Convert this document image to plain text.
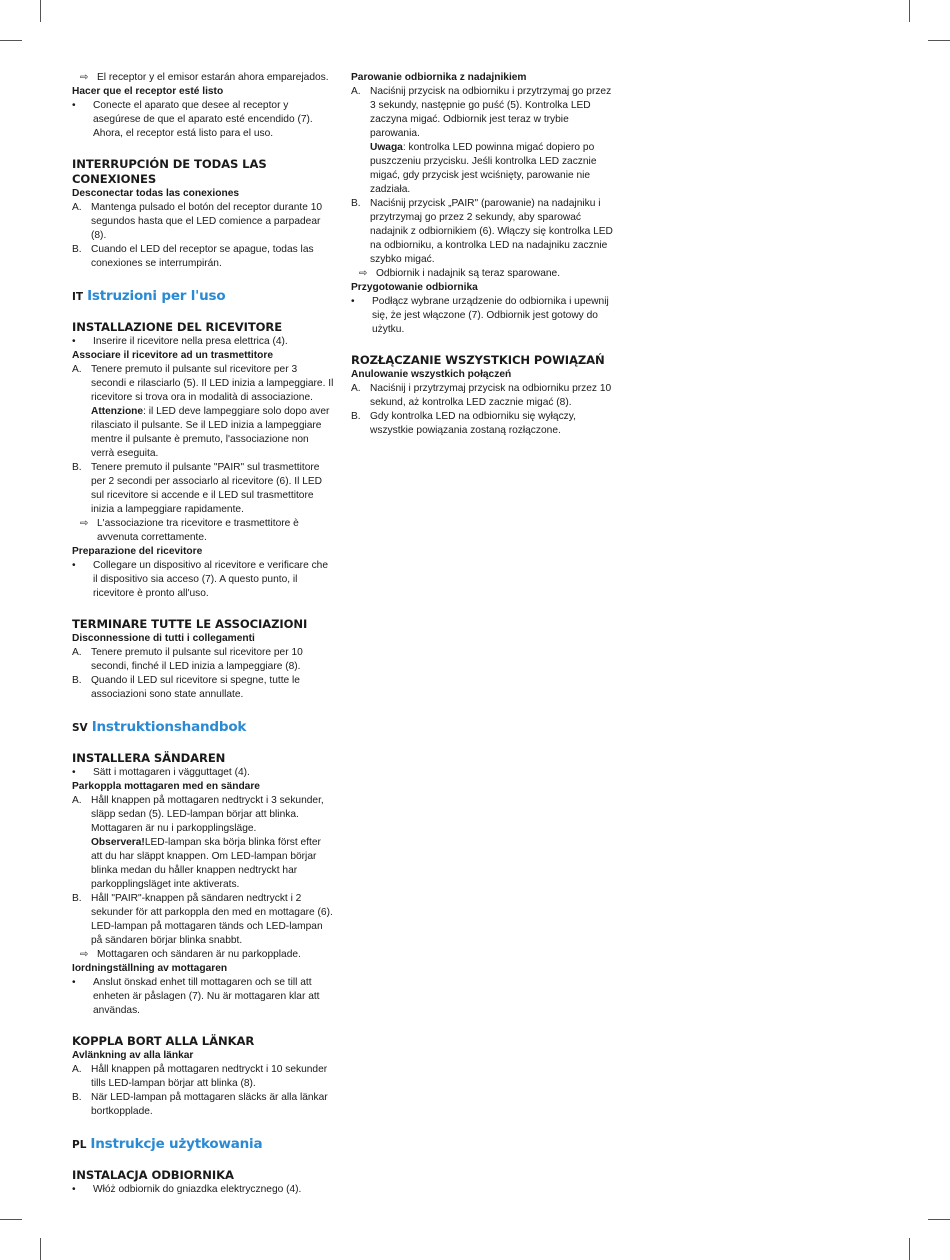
⇨ El receptor y el emisor estarán ahora emparejados.
Hacer que el receptor esté listo
•	Conecte el aparato que desee al receptor y asegúrese de que el aparato esté encendido (7). Ahora, el receptor está listo para el uso.
INTERRUPCIÓN DE TODAS LAS CONEXIONES
Desconectar todas las conexiones
A. Mantenga pulsado el botón del receptor durante 10 segundos hasta que el LED comience a parpadear (8).
B. Cuando el LED del receptor se apague, todas las conexiones se interrumpirán.
IT Istruzioni per l'uso
INSTALLAZIONE DEL RICEVITORE
•	Inserire il ricevitore nella presa elettrica (4).
Associare il ricevitore ad un trasmettitore
A. Tenere premuto il pulsante sul ricevitore per 3 secondi e rilasciarlo (5). Il LED inizia a lampeggiare. Il ricevitore si trova ora in modalità di associazione.
Attenzione: il LED deve lampeggiare solo dopo aver rilasciato il pulsante. Se il LED inizia a lampeggiare mentre il pulsante è premuto, l'associazione non verrà eseguita.
B. Tenere premuto il pulsante "PAIR" sul trasmettitore per 2 secondi per associarlo al ricevitore (6). Il LED sul ricevitore si accende e il LED sul trasmettitore inizia a lampeggiare rapidamente.
⇨ L'associazione tra ricevitore e trasmettitore è avvenuta correttamente.
Preparazione del ricevitore
•	Collegare un dispositivo al ricevitore e verificare che il dispositivo sia acceso (7). A questo punto, il ricevitore è pronto all'uso.
TERMINARE TUTTE LE ASSOCIAZIONI
Disconnessione di tutti i collegamenti
A. Tenere premuto il pulsante sul ricevitore per 10 secondi, finché il LED inizia a lampeggiare (8).
B. Quando il LED sul ricevitore si spegne, tutte le associazioni sono state annullate.
SV Instruktionshandbok
INSTALLERA SÄNDAREN
•	Sätt i mottagaren i vägguttaget (4).
Parkoppla mottagaren med en sändare
A. Håll knappen på mottagaren nedtryckt i 3 sekunder, släpp sedan (5). LED-lampan börjar att blinka. Mottagaren är nu i parkopplingsläge.
Observera!LED-lampan ska börja blinka först efter att du har släppt knappen. Om LED-lampan börjar blinka medan du håller knappen nedtryckt har parkopplingsläget inte aktiverats.
B. Håll "PAIR"-knappen på sändaren nedtryckt i 2 sekunder för att parkoppla den med en mottagare (6). LED-lampan på mottagaren tänds och LED-lampan på sändaren börjar blinka snabbt.
⇨ Mottagaren och sändaren är nu parkopplade.
Iordningställning av mottagaren
•	Anslut önskad enhet till mottagaren och se till att enheten är påslagen (7). Nu är mottagaren klar att användas.
KOPPLA BORT ALLA LÄNKAR
Avlänkning av alla länkar
A. Håll knappen på mottagaren nedtryckt i 10 sekunder tills LED-lampan börjar att blinka (8).
B. När LED-lampan på mottagaren släcks är alla länkar bortkopplade.
PL Instrukcje użytkowania
INSTALACJA ODBIORNIKA
•	Włóż odbiornik do gniazdka elektrycznego (4).
Parowanie odbiornika z nadajnikiem
A. Naciśnij przycisk na odbiorniku i przytrzymaj go przez 3 sekundy, następnie go puść (5). Kontrolka LED zaczyna migać. Odbiornik jest teraz w trybie parowania.
Uwaga: kontrolka LED powinna migać dopiero po puszczeniu przycisku. Jeśli kontrolka LED zacznie migać, gdy przycisk jest wciśnięty, parowanie nie zadziała.
B. Naciśnij przycisk „PAIR" (parowanie) na nadajniku i przytrzymaj go przez 2 sekundy, aby sparować nadajnik z odbiornikiem (6). Włączy się kontrolka LED na odbiorniku, a kontrolka LED na nadajniku zacznie szybko migać.
⇨ Odbiornik i nadajnik są teraz sparowane.
Przygotowanie odbiornika
•	Podłącz wybrane urządzenie do odbiornika i upewnij się, że jest włączone (7). Odbiornik jest gotowy do użytku.
ROZŁĄCZANIE WSZYSTKICH POWIĄZAŃ
Anulowanie wszystkich połączeń
A. Naciśnij i przytrzymaj przycisk na odbiorniku przez 10 sekund, aż kontrolka LED zacznie migać (8).
B. Gdy kontrolka LED na odbiorniku się wyłączy, wszystkie powiązania zostaną rozłączone.
